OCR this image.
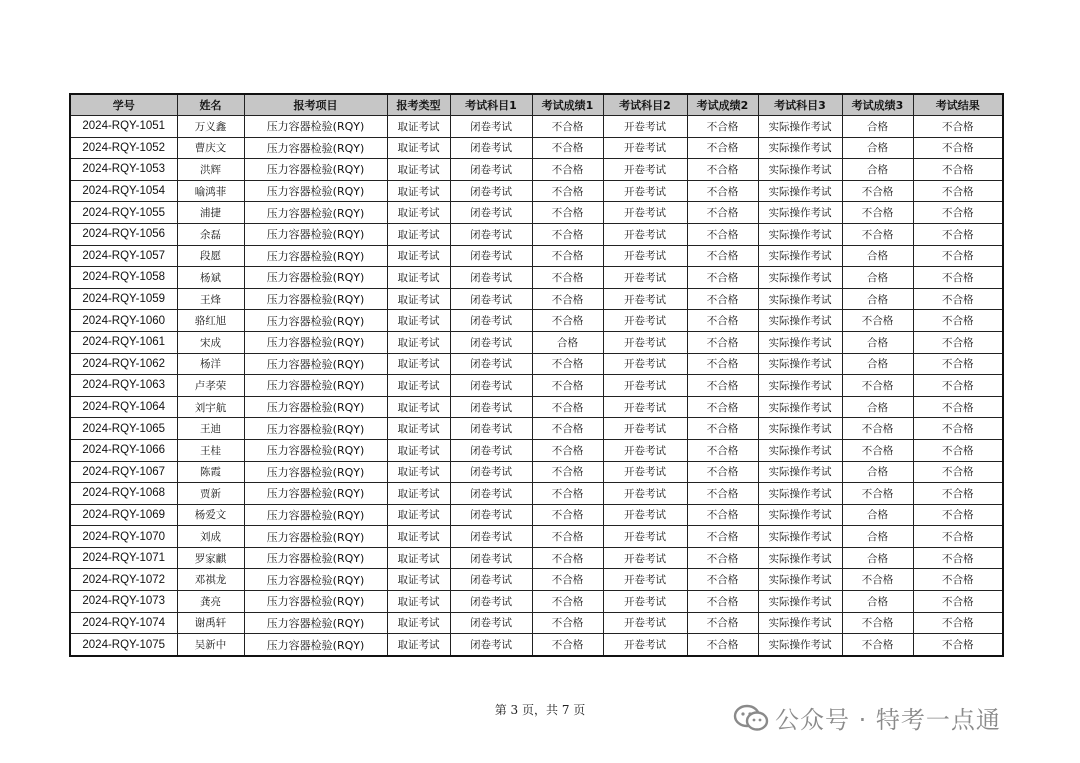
学号	姓名	报考项目	报考类型	考试科目1	考试成绩1	考试科目2	考试成绩2	考试科目3	考试成绩3	考试结果
2024-RQY-1051	万义鑫	压力容器检验(RQY)	取证考试	闭卷考试	不合格	开卷考试	不合格	实际操作考试	合格	不合格
2024-RQY-1052	曹庆文	压力容器检验(RQY)	取证考试	闭卷考试	不合格	开卷考试	不合格	实际操作考试	合格	不合格
2024-RQY-1053	洪辉	压力容器检验(RQY)	取证考试	闭卷考试	不合格	开卷考试	不合格	实际操作考试	合格	不合格
2024-RQY-1054	喻鸿菲	压力容器检验(RQY)	取证考试	闭卷考试	不合格	开卷考试	不合格	实际操作考试	不合格	不合格
2024-RQY-1055	浦捷	压力容器检验(RQY)	取证考试	闭卷考试	不合格	开卷考试	不合格	实际操作考试	不合格	不合格
2024-RQY-1056	余磊	压力容器检验(RQY)	取证考试	闭卷考试	不合格	开卷考试	不合格	实际操作考试	不合格	不合格
2024-RQY-1057	段愿	压力容器检验(RQY)	取证考试	闭卷考试	不合格	开卷考试	不合格	实际操作考试	合格	不合格
2024-RQY-1058	杨斌	压力容器检验(RQY)	取证考试	闭卷考试	不合格	开卷考试	不合格	实际操作考试	合格	不合格
2024-RQY-1059	王烽	压力容器检验(RQY)	取证考试	闭卷考试	不合格	开卷考试	不合格	实际操作考试	合格	不合格
2024-RQY-1060	骆红旭	压力容器检验(RQY)	取证考试	闭卷考试	不合格	开卷考试	不合格	实际操作考试	不合格	不合格
2024-RQY-1061	宋成	压力容器检验(RQY)	取证考试	闭卷考试	合格	开卷考试	不合格	实际操作考试	合格	不合格
2024-RQY-1062	杨洋	压力容器检验(RQY)	取证考试	闭卷考试	不合格	开卷考试	不合格	实际操作考试	合格	不合格
2024-RQY-1063	卢孝荣	压力容器检验(RQY)	取证考试	闭卷考试	不合格	开卷考试	不合格	实际操作考试	不合格	不合格
2024-RQY-1064	刘宇航	压力容器检验(RQY)	取证考试	闭卷考试	不合格	开卷考试	不合格	实际操作考试	合格	不合格
2024-RQY-1065	王迪	压力容器检验(RQY)	取证考试	闭卷考试	不合格	开卷考试	不合格	实际操作考试	不合格	不合格
2024-RQY-1066	王桂	压力容器检验(RQY)	取证考试	闭卷考试	不合格	开卷考试	不合格	实际操作考试	不合格	不合格
2024-RQY-1067	陈霞	压力容器检验(RQY)	取证考试	闭卷考试	不合格	开卷考试	不合格	实际操作考试	合格	不合格
2024-RQY-1068	贾新	压力容器检验(RQY)	取证考试	闭卷考试	不合格	开卷考试	不合格	实际操作考试	不合格	不合格
2024-RQY-1069	杨爱文	压力容器检验(RQY)	取证考试	闭卷考试	不合格	开卷考试	不合格	实际操作考试	合格	不合格
2024-RQY-1070	刘成	压力容器检验(RQY)	取证考试	闭卷考试	不合格	开卷考试	不合格	实际操作考试	合格	不合格
2024-RQY-1071	罗家麒	压力容器检验(RQY)	取证考试	闭卷考试	不合格	开卷考试	不合格	实际操作考试	合格	不合格
2024-RQY-1072	邓祺龙	压力容器检验(RQY)	取证考试	闭卷考试	不合格	开卷考试	不合格	实际操作考试	不合格	不合格
2024-RQY-1073	龚亮	压力容器检验(RQY)	取证考试	闭卷考试	不合格	开卷考试	不合格	实际操作考试	合格	不合格
2024-RQY-1074	谢禹轩	压力容器检验(RQY)	取证考试	闭卷考试	不合格	开卷考试	不合格	实际操作考试	不合格	不合格
2024-RQY-1075	吴新中	压力容器检验(RQY)	取证考试	闭卷考试	不合格	开卷考试	不合格	实际操作考试	不合格	不合格
第 3 页，共 7 页	公众号 · 特考一点通
